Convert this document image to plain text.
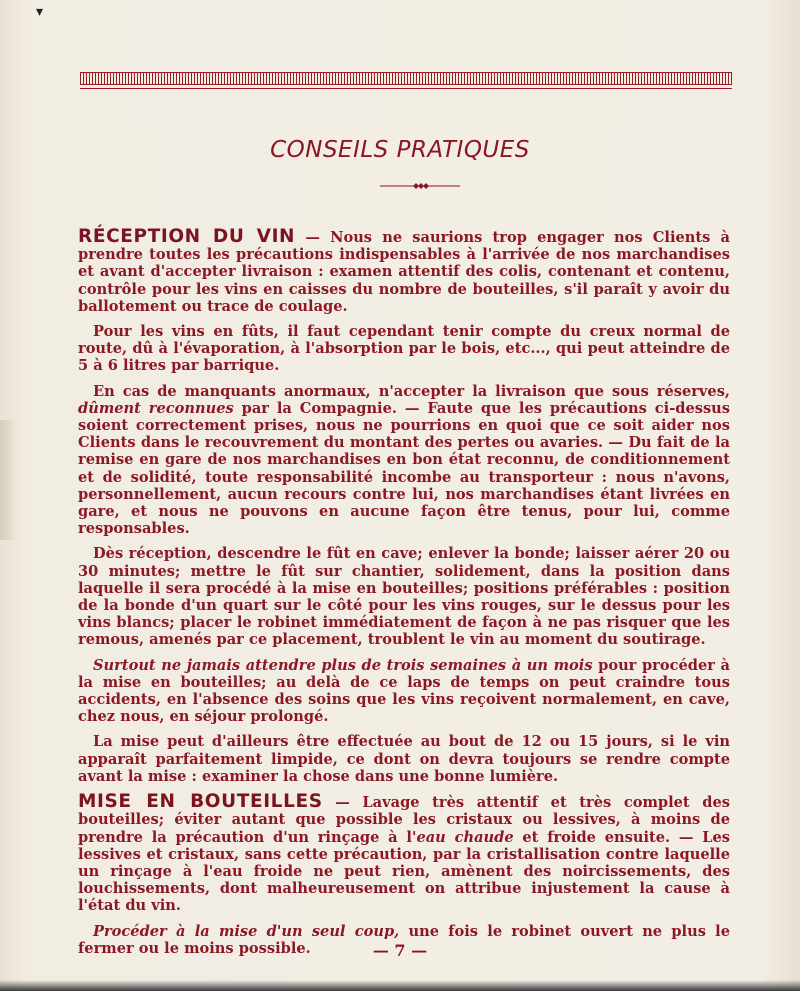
▾
CONSEILS PRATIQUES

RÉCEPTION DU VIN — Nous ne saurions trop engager nos Clients à prendre toutes les précautions indispensables à l'arrivée de nos marchandises et avant d'accepter livraison : examen attentif des colis, contenant et contenu, contrôle pour les vins en caisses du nombre de bouteilles, s'il paraît y avoir du ballotement ou trace de coulage.

Pour les vins en fûts, il faut cependant tenir compte du creux normal de route, dû à l'évaporation, à l'absorption par le bois, etc..., qui peut atteindre de 5 à 6 litres par barrique.

En cas de manquants anormaux, n'accepter la livraison que sous réserves, dûment reconnues par la Compagnie. — Faute que les précautions ci-dessus soient correctement prises, nous ne pourrions en quoi que ce soit aider nos Clients dans le recouvrement du montant des pertes ou avaries. — Du fait de la remise en gare de nos marchandises en bon état reconnu, de conditionnement et de solidité, toute responsabilité incombe au transporteur : nous n'avons, personnellement, aucun recours contre lui, nos marchandises étant livrées en gare, et nous ne pouvons en aucune façon être tenus, pour lui, comme responsables.

Dès réception, descendre le fût en cave; enlever la bonde; laisser aérer 20 ou 30 minutes; mettre le fût sur chantier, solidement, dans la position dans laquelle il sera procédé à la mise en bouteilles; positions préférables : position de la bonde d'un quart sur le côté pour les vins rouges, sur le dessus pour les vins blancs; placer le robinet immédiatement de façon à ne pas risquer que les remous, amenés par ce placement, troublent le vin au moment du soutirage.

Surtout ne jamais attendre plus de trois semaines à un mois pour procéder à la mise en bouteilles; au delà de ce laps de temps on peut craindre tous accidents, en l'absence des soins que les vins reçoivent normalement, en cave, chez nous, en séjour prolongé.

La mise peut d'ailleurs être effectuée au bout de 12 ou 15 jours, si le vin apparaît parfaitement limpide, ce dont on devra toujours se rendre compte avant la mise : examiner la chose dans une bonne lumière.

MISE EN BOUTEILLES — Lavage très attentif et très complet des bouteilles; éviter autant que possible les cristaux ou lessives, à moins de prendre la précaution d'un rinçage à l'eau chaude et froide ensuite. — Les lessives et cristaux, sans cette précaution, par la cristallisation contre laquelle un rinçage à l'eau froide ne peut rien, amènent des noircissements, des louchissements, dont malheureusement on attribue injustement la cause à l'état du vin.

Procéder à la mise d'un seul coup, une fois le robinet ouvert ne plus le fermer ou le moins possible.	— 7 —
